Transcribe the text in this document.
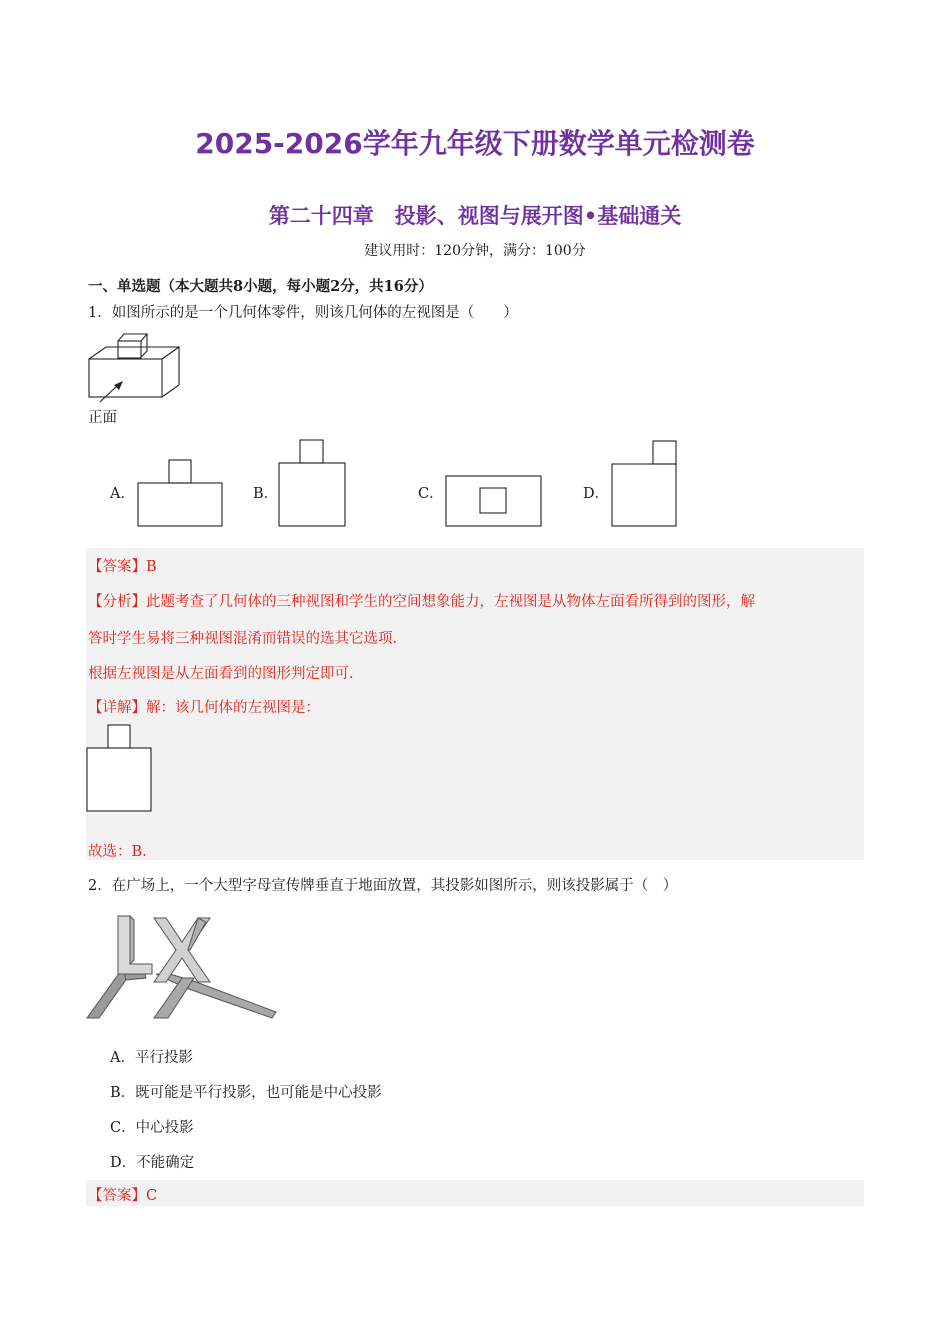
2025-2026学年九年级下册数学单元检测卷
第二十四章　投影、视图与展开图•基础通关
建议用时：120分钟，满分：100分
一、单选题（本大题共8小题，每小题2分，共16分）
1．如图所示的是一个几何体零件，则该几何体的左视图是（　　）
正面
A．	B．	C．	D．
【答案】B
【分析】此题考查了几何体的三种视图和学生的空间想象能力，左视图是从物体左面看所得到的图形，解
答时学生易将三种视图混淆而错误的选其它选项.
根据左视图是从左面看到的图形判定即可.
【详解】解：该几何体的左视图是：
故选：B.
2．在广场上，一个大型字母宣传牌垂直于地面放置，其投影如图所示，则该投影属于（　）
A．平行投影
B．既可能是平行投影，也可能是中心投影
C．中心投影
D．不能确定
【答案】C
